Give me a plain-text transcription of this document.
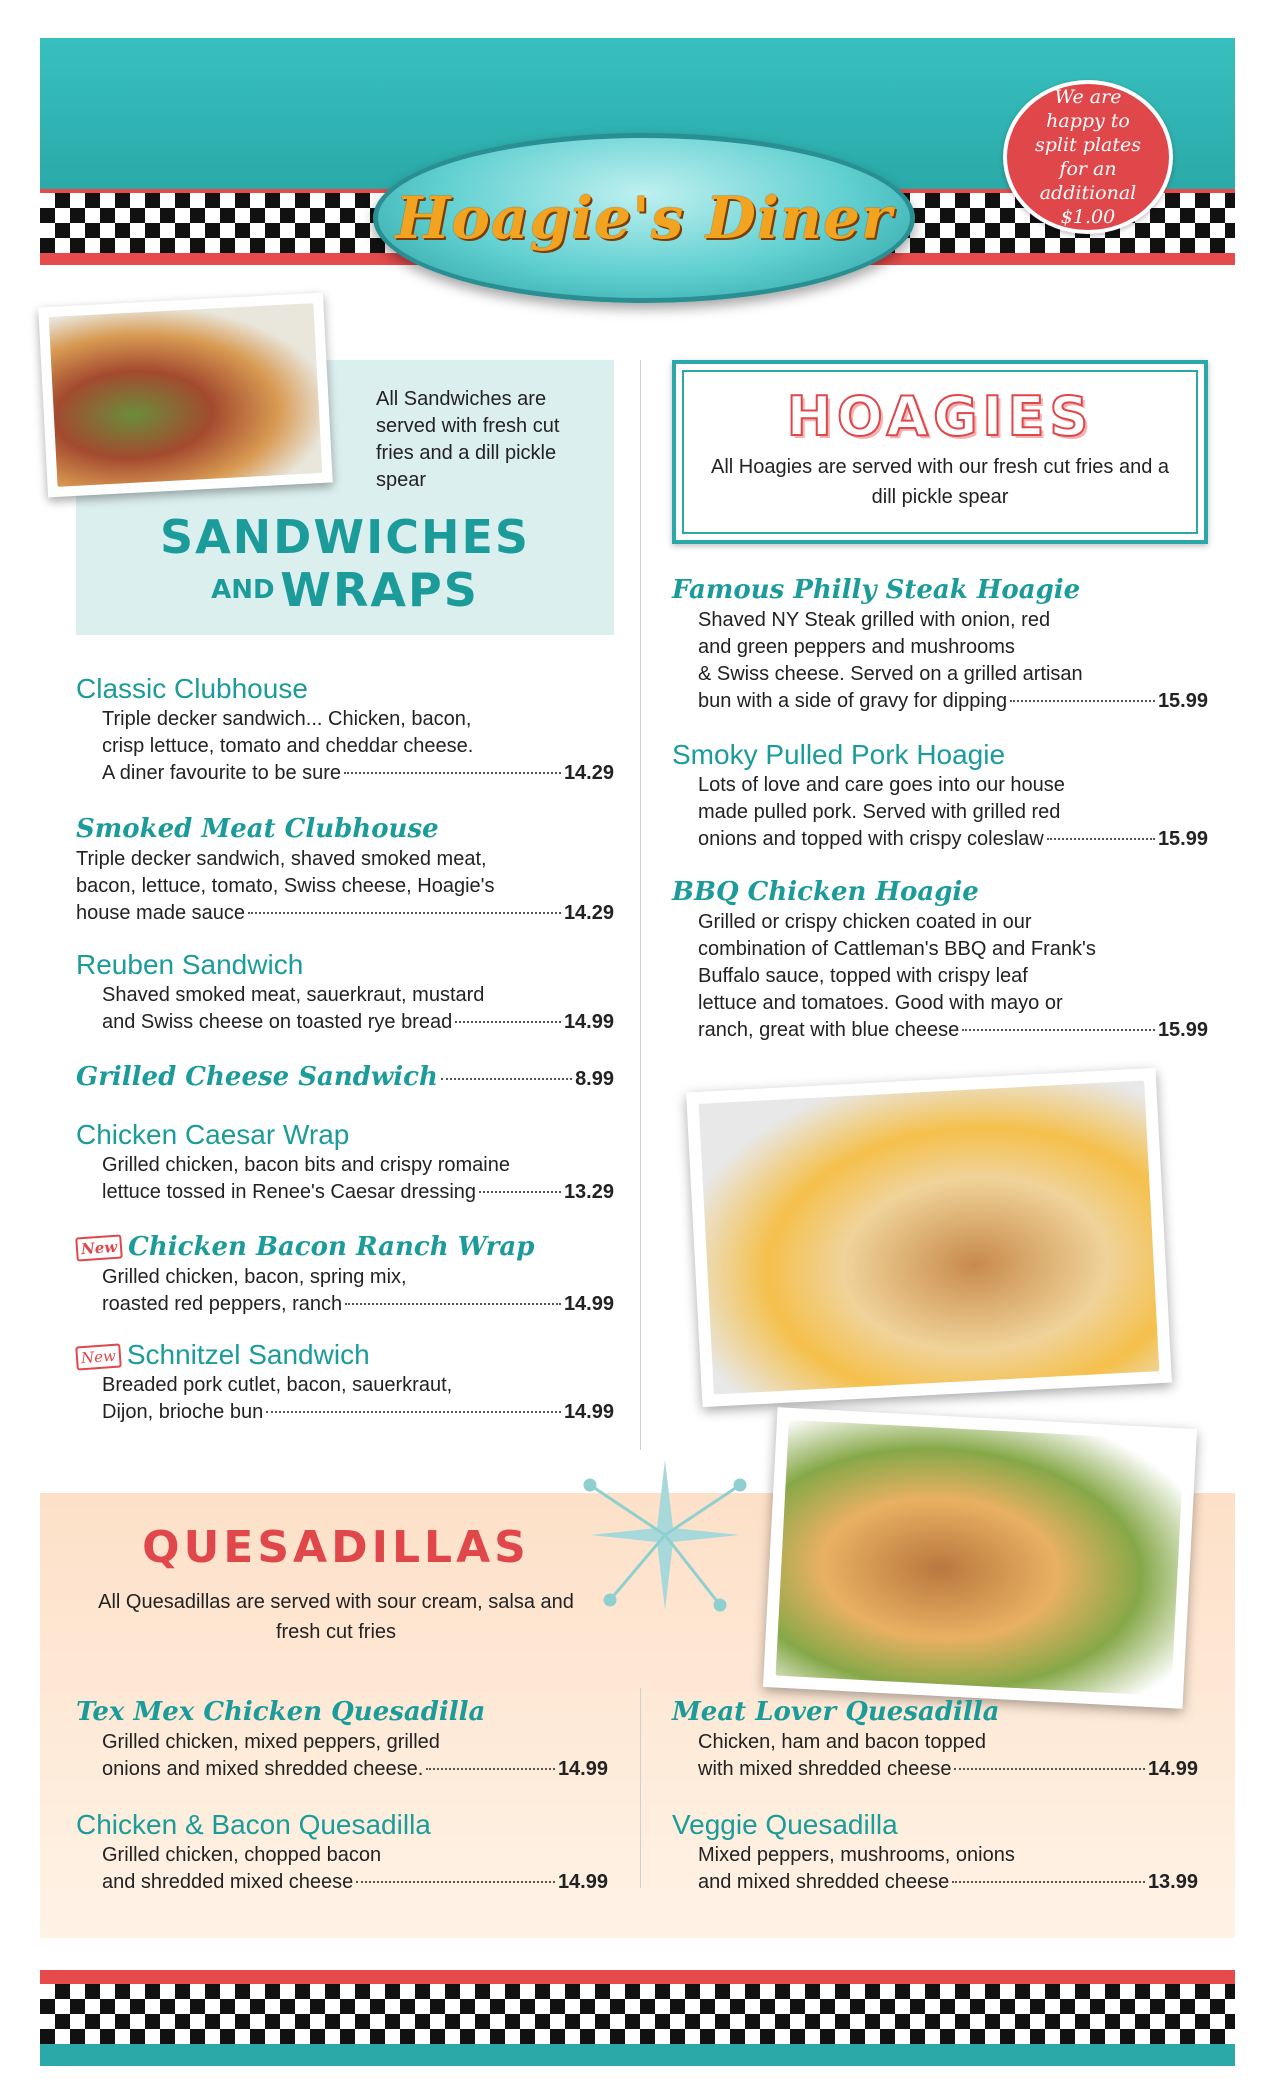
Hoagie's Diner
We are happy to split plates for an additional $1.00
All Sandwiches are served with fresh cut fries and a dill pickle spear
SANDWICHES
AND WRAPS
Classic Clubhouse
Triple decker sandwich... Chicken, bacon,
crisp lettuce, tomato and cheddar cheese.
A diner favourite to be sure	14.29
Smoked Meat Clubhouse
Triple decker sandwich, shaved smoked meat,
bacon, lettuce, tomato, Swiss cheese, Hoagie's
house made sauce	14.29
Reuben Sandwich
Shaved smoked meat, sauerkraut, mustard
and Swiss cheese on toasted rye bread	14.99
Grilled Cheese Sandwich	8.99
Chicken Caesar Wrap
Grilled chicken, bacon bits and crispy romaine
lettuce tossed in Renee's Caesar dressing	13.29
New Chicken Bacon Ranch Wrap
Grilled chicken, bacon, spring mix,
roasted red peppers, ranch	14.99
New Schnitzel Sandwich
Breaded pork cutlet, bacon, sauerkraut,
Dijon, brioche bun	14.99
HOAGIES
All Hoagies are served with our fresh cut fries and a dill pickle spear
Famous Philly Steak Hoagie
Shaved NY Steak grilled with onion, red
and green peppers and mushrooms
& Swiss cheese. Served on a grilled artisan
bun with a side of gravy for dipping	15.99
Smoky Pulled Pork Hoagie
Lots of love and care goes into our house
made pulled pork. Served with grilled red
onions and topped with crispy coleslaw	15.99
BBQ Chicken Hoagie
Grilled or crispy chicken coated in our
combination of Cattleman's BBQ and Frank's
Buffalo sauce, topped with crispy leaf
lettuce and tomatoes. Good with mayo or
ranch, great with blue cheese	15.99
QUESADILLAS
All Quesadillas are served with sour cream, salsa and fresh cut fries
Tex Mex Chicken Quesadilla
Grilled chicken, mixed peppers, grilled
onions and mixed shredded cheese.	14.99
Chicken & Bacon Quesadilla
Grilled chicken, chopped bacon
and shredded mixed cheese	14.99
Meat Lover Quesadilla
Chicken, ham and bacon topped
with mixed shredded cheese	14.99
Veggie Quesadilla
Mixed peppers, mushrooms, onions
and mixed shredded cheese	13.99
